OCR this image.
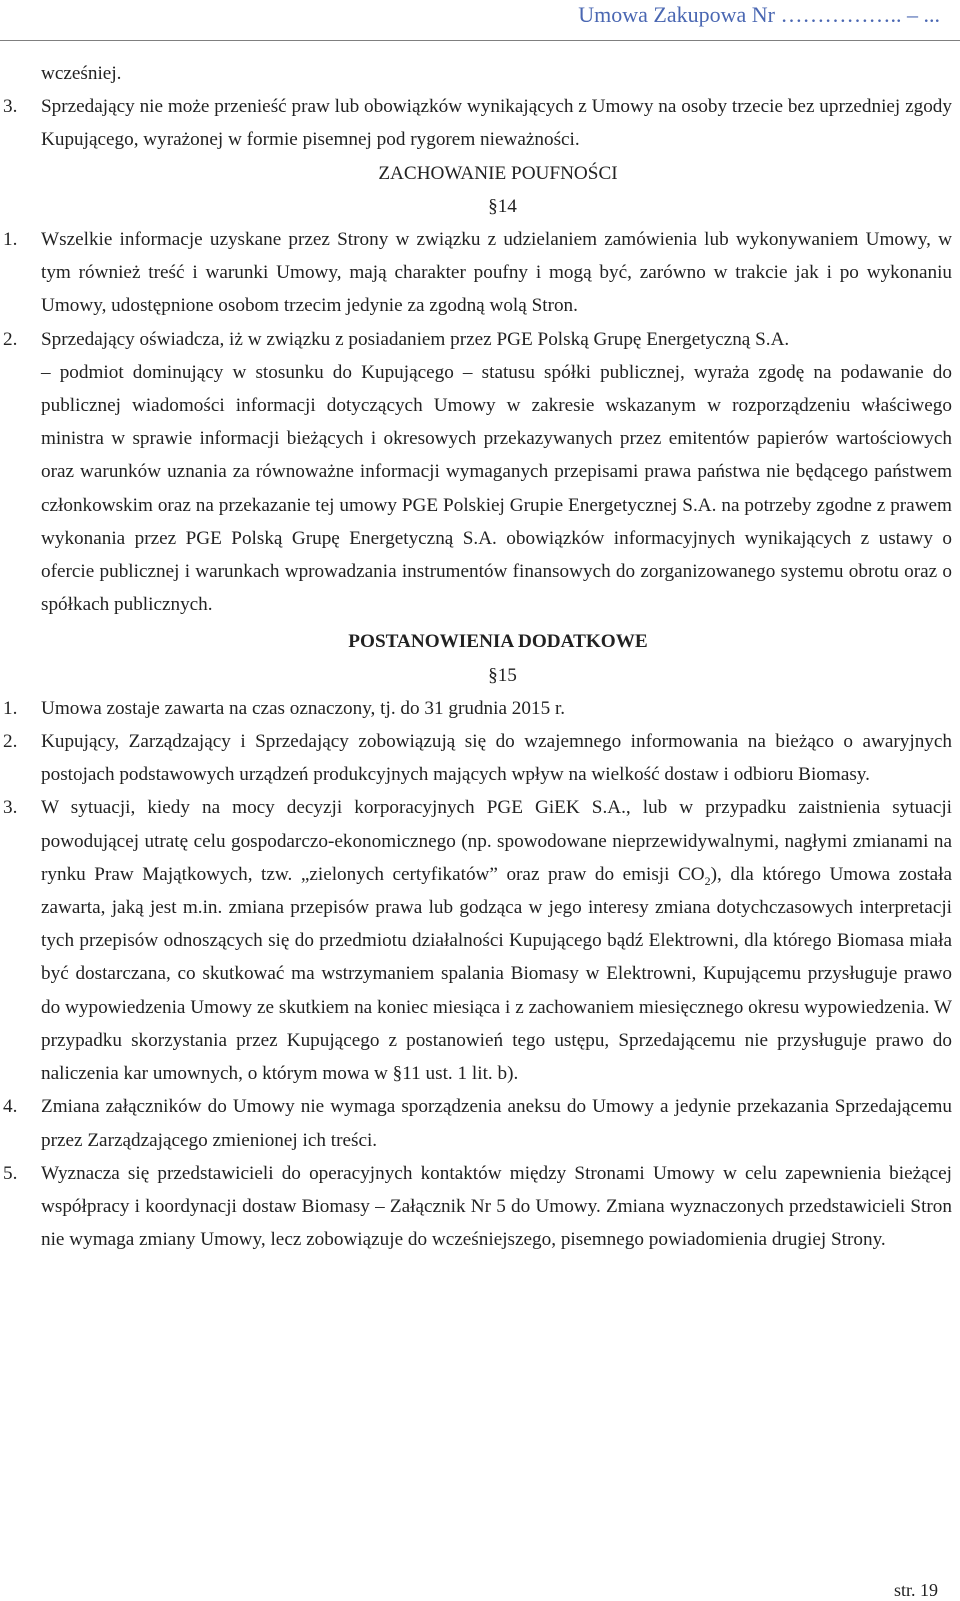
Umowa Zakupowa Nr …………….. – ...
wcześniej.
3.	Sprzedający nie może przenieść praw lub obowiązków wynikających z Umowy na osoby trzecie bez uprzedniej zgody Kupującego, wyrażonej w formie pisemnej pod rygorem nieważności.
ZACHOWANIE POUFNOŚCI
§14
1.	Wszelkie informacje uzyskane przez Strony w związku z udzielaniem zamówienia lub wykonywaniem Umowy, w tym również treść i warunki Umowy, mają charakter poufny i mogą być, zarówno w trakcie jak i po wykonaniu Umowy, udostępnione osobom trzecim jedynie za zgodną wolą Stron.
2.	Sprzedający oświadcza, iż w związku z posiadaniem przez PGE Polską Grupę Energetyczną S.A.
– podmiot dominujący w stosunku do Kupującego – statusu spółki publicznej, wyraża zgodę na podawanie do publicznej wiadomości informacji dotyczących Umowy w zakresie wskazanym w rozporządzeniu właściwego ministra w sprawie informacji bieżących i okresowych przekazywanych przez emitentów papierów wartościowych oraz warunków uznania za równoważne informacji wymaganych przepisami prawa państwa nie będącego państwem członkowskim oraz na przekazanie tej umowy PGE Polskiej Grupie Energetycznej S.A. na potrzeby zgodne z prawem wykonania przez PGE Polską Grupę Energetyczną S.A. obowiązków informacyjnych wynikających z ustawy o ofercie publicznej i warunkach wprowadzania instrumentów finansowych do zorganizowanego systemu obrotu oraz o spółkach publicznych.
POSTANOWIENIA DODATKOWE
§15
1.	Umowa zostaje zawarta na czas oznaczony, tj. do 31 grudnia 2015 r.
2.	Kupujący, Zarządzający i Sprzedający zobowiązują się do wzajemnego informowania na bieżąco o awaryjnych postojach podstawowych urządzeń produkcyjnych mających wpływ na wielkość dostaw i odbioru Biomasy.
3.	W sytuacji, kiedy na mocy decyzji korporacyjnych PGE GiEK S.A., lub w przypadku zaistnienia sytuacji powodującej utratę celu gospodarczo-ekonomicznego (np. spowodowane nieprzewidywalnymi, nagłymi zmianami na rynku Praw Majątkowych, tzw. „zielonych certyfikatów” oraz praw do emisji $CO_2$), dla którego Umowa została zawarta, jaką jest m.in. zmiana przepisów prawa lub godząca w jego interesy zmiana dotychczasowych interpretacji tych przepisów odnoszących się do przedmiotu działalności Kupującego bądź Elektrowni, dla którego Biomasa miała być dostarczana, co skutkować ma wstrzymaniem spalania Biomasy w Elektrowni, Kupującemu przysługuje prawo do wypowiedzenia Umowy ze skutkiem na koniec miesiąca i z zachowaniem miesięcznego okresu wypowiedzenia. W przypadku skorzystania przez Kupującego z postanowień tego ustępu, Sprzedającemu nie przysługuje prawo do naliczenia kar umownych, o którym mowa w §11 ust. 1 lit. b).
4.	Zmiana załączników do Umowy nie wymaga sporządzenia aneksu do Umowy a jedynie przekazania Sprzedającemu przez Zarządzającego zmienionej ich treści.
5.	Wyznacza się przedstawicieli do operacyjnych kontaktów między Stronami Umowy w celu zapewnienia bieżącej współpracy i koordynacji dostaw Biomasy – Załącznik Nr 5 do Umowy. Zmiana wyznaczonych przedstawicieli Stron nie wymaga zmiany Umowy, lecz zobowiązuje do wcześniejszego, pisemnego powiadomienia drugiej Strony.
str. 19
